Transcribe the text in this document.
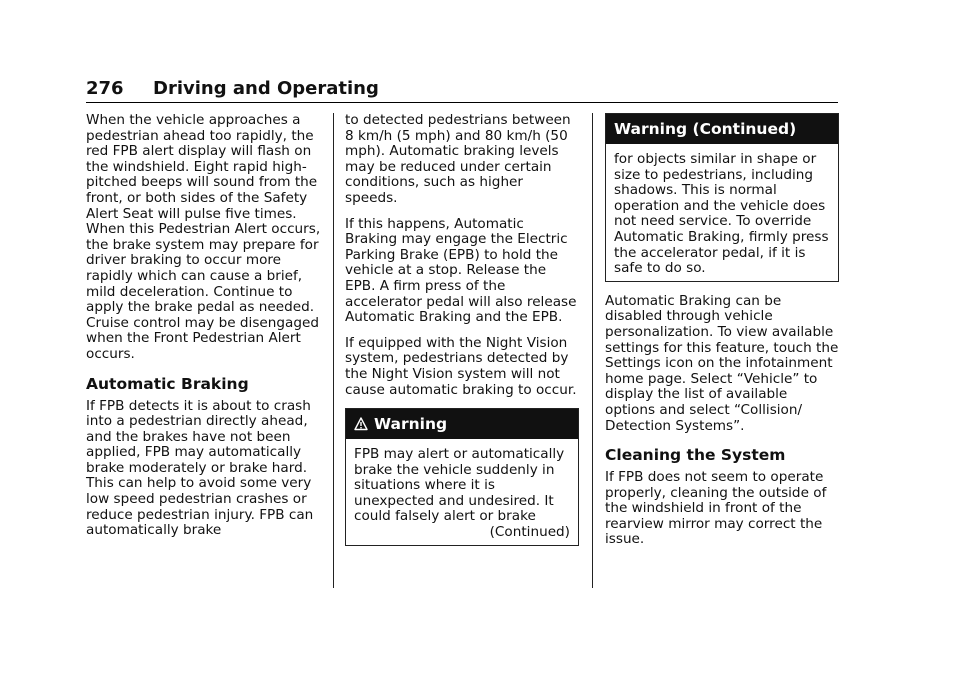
276 Driving and Operating

When the vehicle approaches a pedestrian ahead too rapidly, the red FPB alert display will flash on the windshield. Eight rapid high-pitched beeps will sound from the front, or both sides of the Safety Alert Seat will pulse five times. When this Pedestrian Alert occurs, the brake system may prepare for driver braking to occur more rapidly which can cause a brief, mild deceleration. Continue to apply the brake pedal as needed. Cruise control may be disengaged when the Front Pedestrian Alert occurs.

Automatic Braking

If FPB detects it is about to crash into a pedestrian directly ahead, and the brakes have not been applied, FPB may automatically brake moderately or brake hard. This can help to avoid some very low speed pedestrian crashes or reduce pedestrian injury. FPB can automatically brake

to detected pedestrians between 8 km/h (5 mph) and 80 km/h (50 mph). Automatic braking levels may be reduced under certain conditions, such as higher speeds.

If this happens, Automatic Braking may engage the Electric Parking Brake (EPB) to hold the vehicle at a stop. Release the EPB. A firm press of the accelerator pedal will also release Automatic Braking and the EPB.

If equipped with the Night Vision system, pedestrians detected by the Night Vision system will not cause automatic braking to occur.

Warning

FPB may alert or automatically brake the vehicle suddenly in situations where it is unexpected and undesired. It could falsely alert or brake

(Continued)

Warning (Continued)

for objects similar in shape or size to pedestrians, including shadows. This is normal operation and the vehicle does not need service. To override Automatic Braking, firmly press the accelerator pedal, if it is safe to do so.

Automatic Braking can be disabled through vehicle personalization. To view available settings for this feature, touch the Settings icon on the infotainment home page. Select “Vehicle” to display the list of available options and select “Collision/ Detection Systems”.

Cleaning the System

If FPB does not seem to operate properly, cleaning the outside of the windshield in front of the rearview mirror may correct the issue.
